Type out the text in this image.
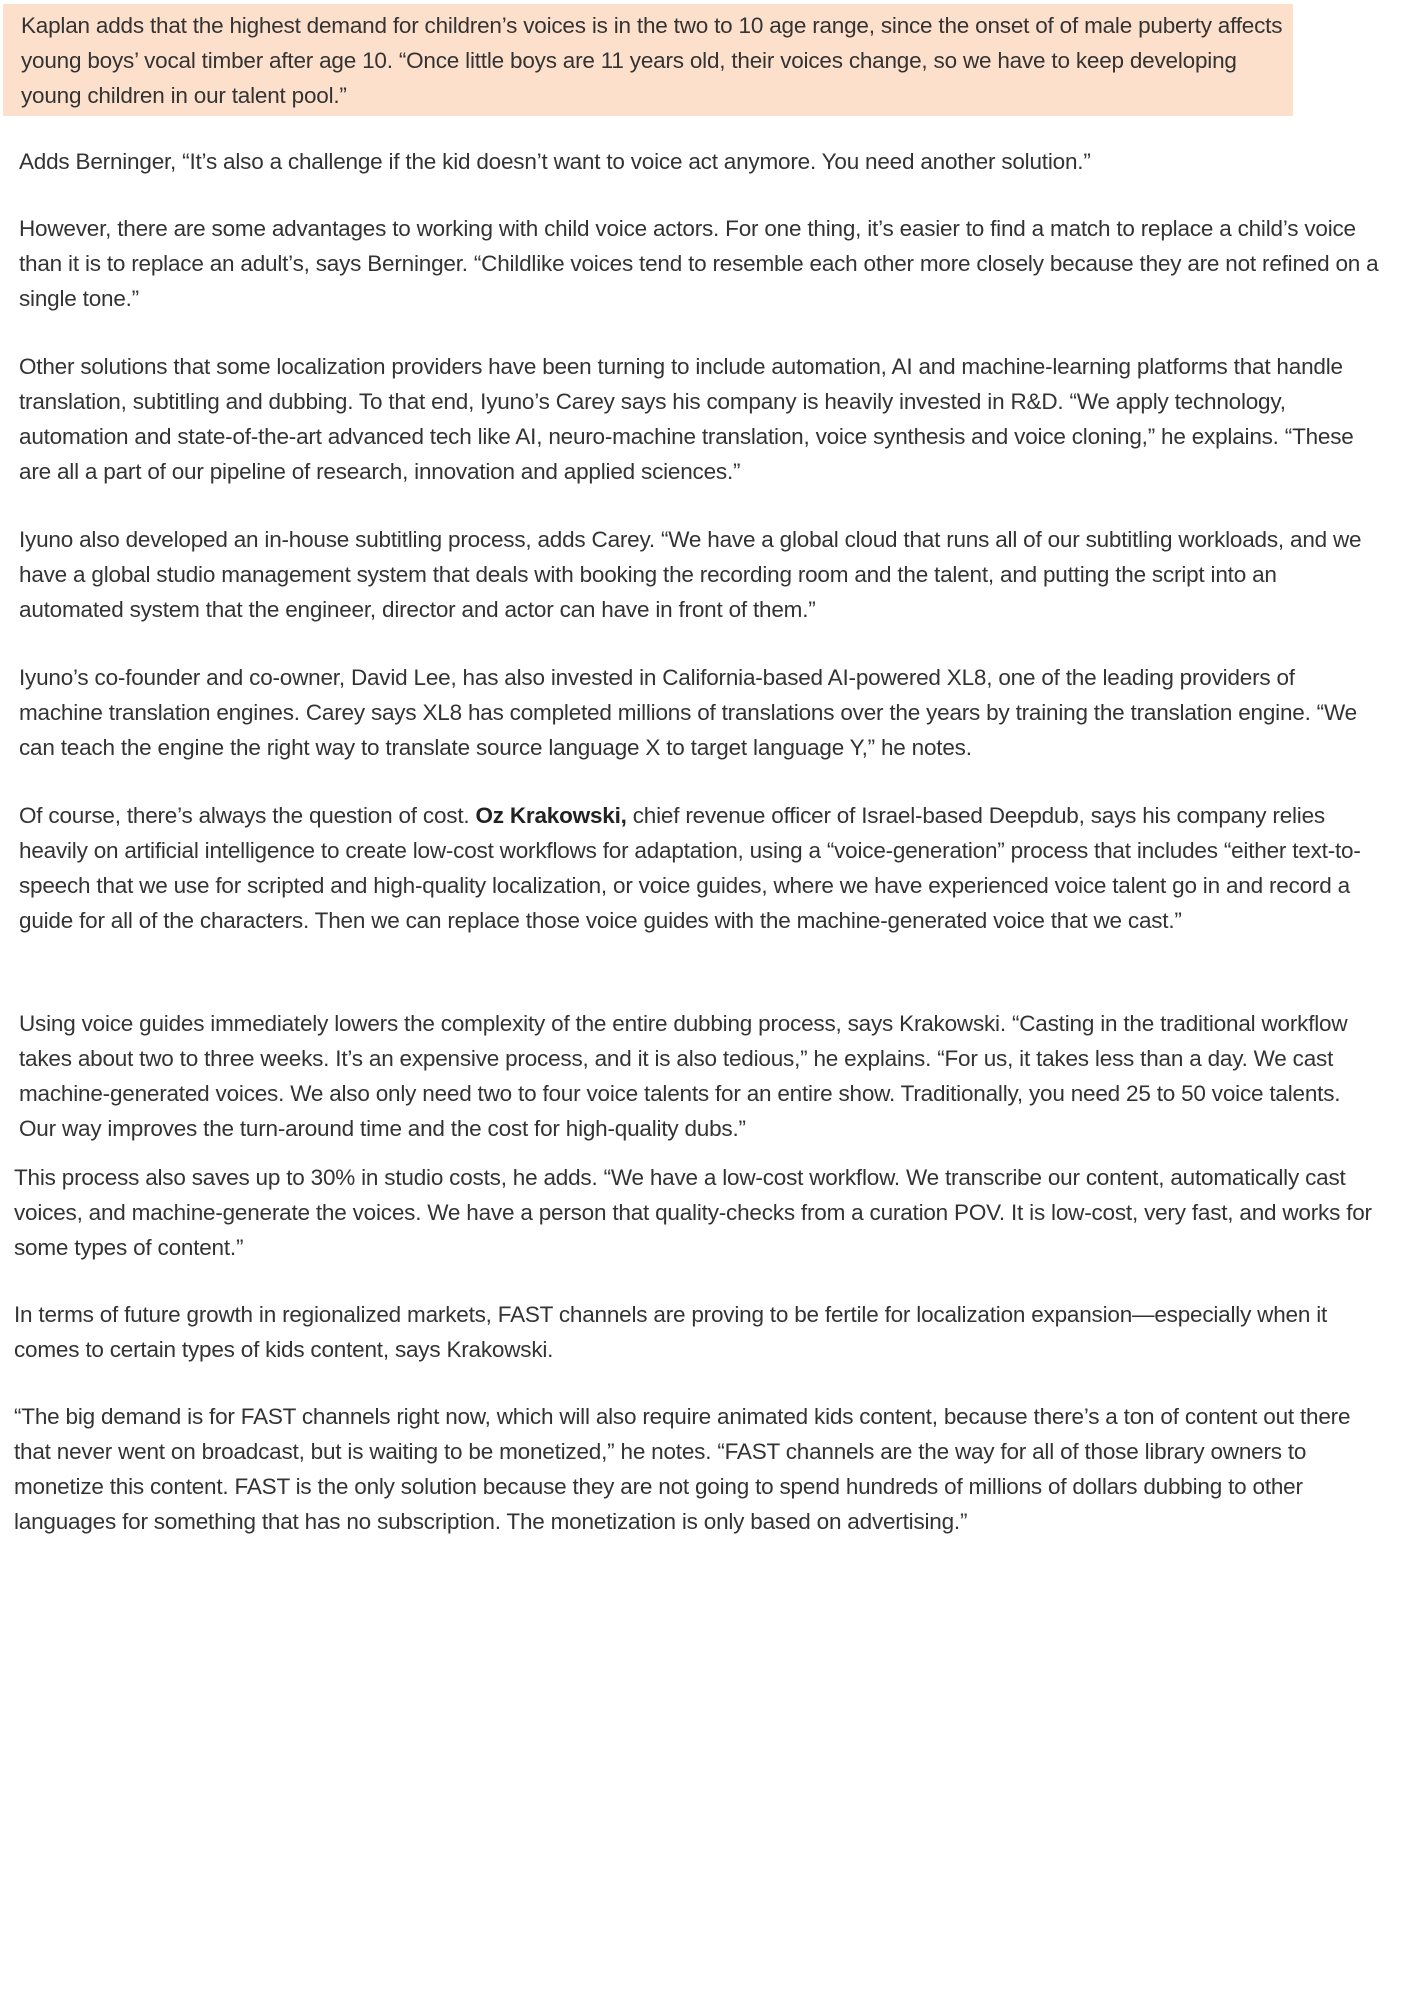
Kaplan adds that the highest demand for children’s voices is in the two to 10 age range, since the onset of of male puberty affects young boys’ vocal timber after age 10. “Once little boys are 11 years old, their voices change, so we have to keep developing young children in our talent pool.”

Adds Berninger, “It’s also a challenge if the kid doesn’t want to voice act anymore. You need another solution.”

However, there are some advantages to working with child voice actors. For one thing, it’s easier to find a match to replace a child’s voice than it is to replace an adult’s, says Berninger. “Childlike voices tend to resemble each other more closely because they are not refined on a single tone.”

Other solutions that some localization providers have been turning to include automation, AI and machine-learning platforms that handle translation, subtitling and dubbing. To that end, Iyuno’s Carey says his company is heavily invested in R&D. “We apply technology, automation and state-of-the-art advanced tech like AI, neuro-machine translation, voice synthesis and voice cloning,” he explains. “These are all a part of our pipeline of research, innovation and applied sciences.”

Iyuno also developed an in-house subtitling process, adds Carey. “We have a global cloud that runs all of our subtitling workloads, and we have a global studio management system that deals with booking the recording room and the talent, and putting the script into an automated system that the engineer, director and actor can have in front of them.”

Iyuno’s co-founder and co-owner, David Lee, has also invested in California-based AI-powered XL8, one of the leading providers of machine translation engines. Carey says XL8 has completed millions of translations over the years by training the translation engine. “We can teach the engine the right way to translate source language X to target language Y,” he notes.

Of course, there’s always the question of cost. Oz Krakowski, chief revenue officer of Israel-based Deepdub, says his company relies heavily on artificial intelligence to create low-cost workflows for adaptation, using a “voice-generation” process that includes “either text-to-speech that we use for scripted and high-quality localization, or voice guides, where we have experienced voice talent go in and record a guide for all of the characters. Then we can replace those voice guides with the machine-generated voice that we cast.”

Using voice guides immediately lowers the complexity of the entire dubbing process, says Krakowski. “Casting in the traditional workflow takes about two to three weeks. It’s an expensive process, and it is also tedious,” he explains. “For us, it takes less than a day. We cast machine-generated voices. We also only need two to four voice talents for an entire show. Traditionally, you need 25 to 50 voice talents. Our way improves the turn-around time and the cost for high-quality dubs.”

This process also saves up to 30% in studio costs, he adds. “We have a low-cost workflow. We transcribe our content, automatically cast voices, and machine-generate the voices. We have a person that quality-checks from a curation POV. It is low-cost, very fast, and works for some types of content.”

In terms of future growth in regionalized markets, FAST channels are proving to be fertile for localization expansion—especially when it comes to certain types of kids content, says Krakowski.

“The big demand is for FAST channels right now, which will also require animated kids content, because there’s a ton of content out there that never went on broadcast, but is waiting to be monetized,” he notes. “FAST channels are the way for all of those library owners to monetize this content. FAST is the only solution because they are not going to spend hundreds of millions of dollars dubbing to other languages for something that has no subscription. The monetization is only based on advertising.”
